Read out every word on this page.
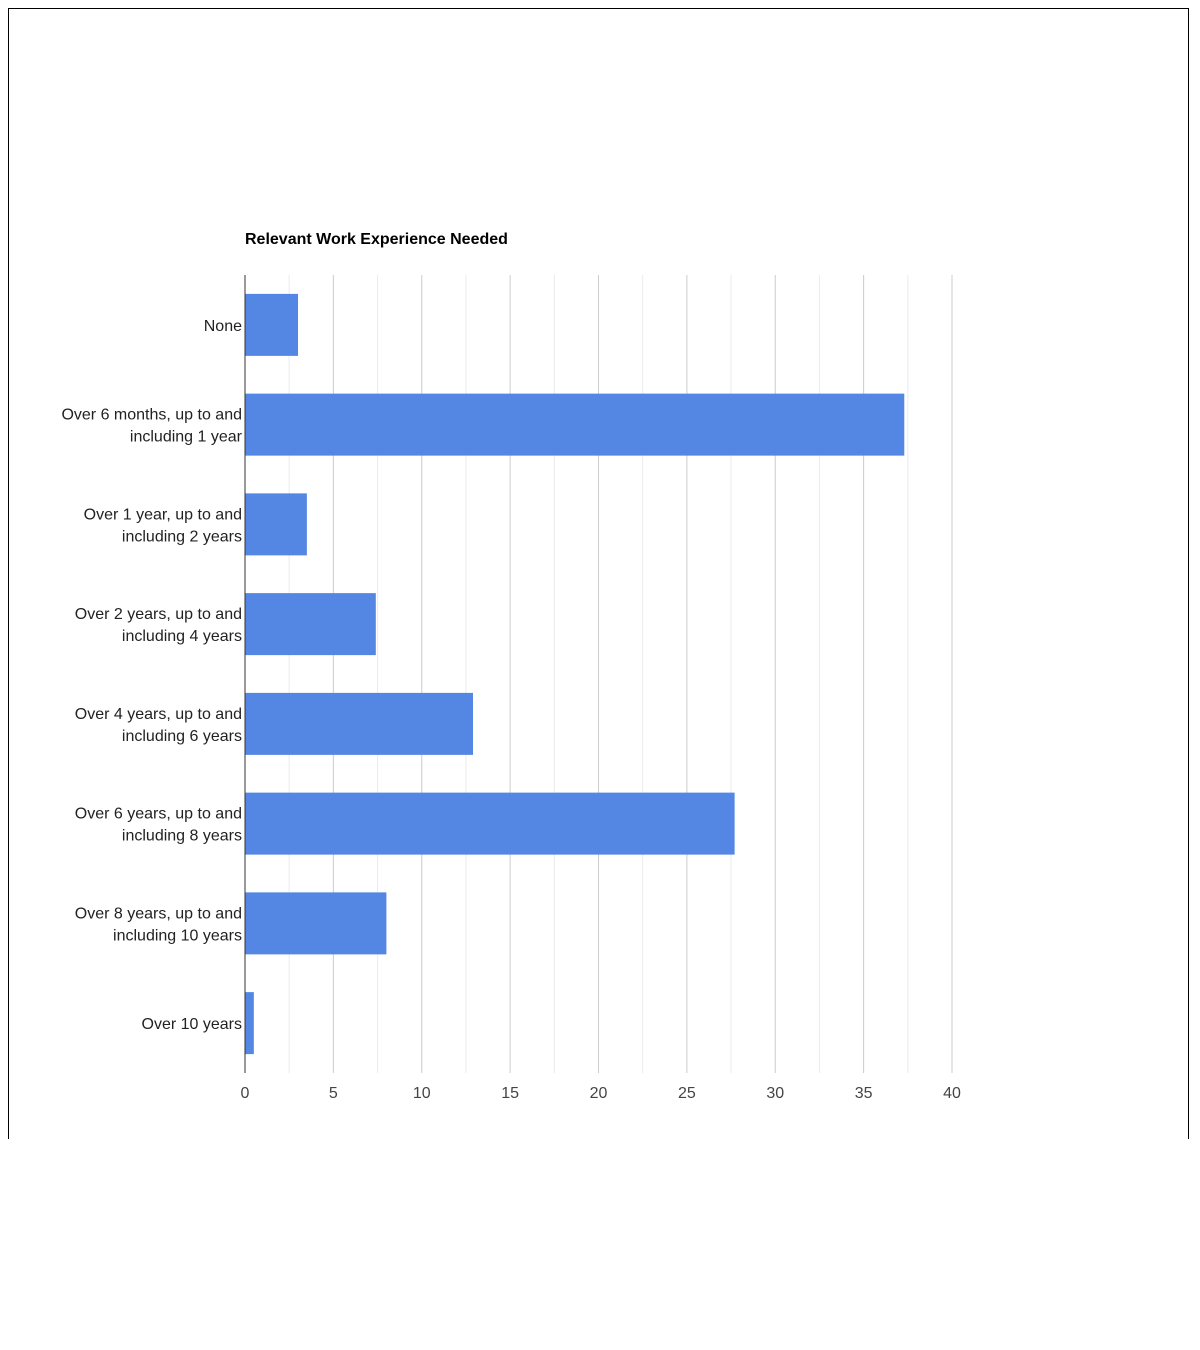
Relevant Work Experience Needed
None
Over 6 months, up to and including 1 year
Over 1 year, up to and including 2 years
Over 2 years, up to and including 4 years
Over 4 years, up to and including 6 years
Over 6 years, up to and including 8 years
Over 8 years, up to and including 10 years
Over 10 years
0	5	10	15	20	25	30	35	40
